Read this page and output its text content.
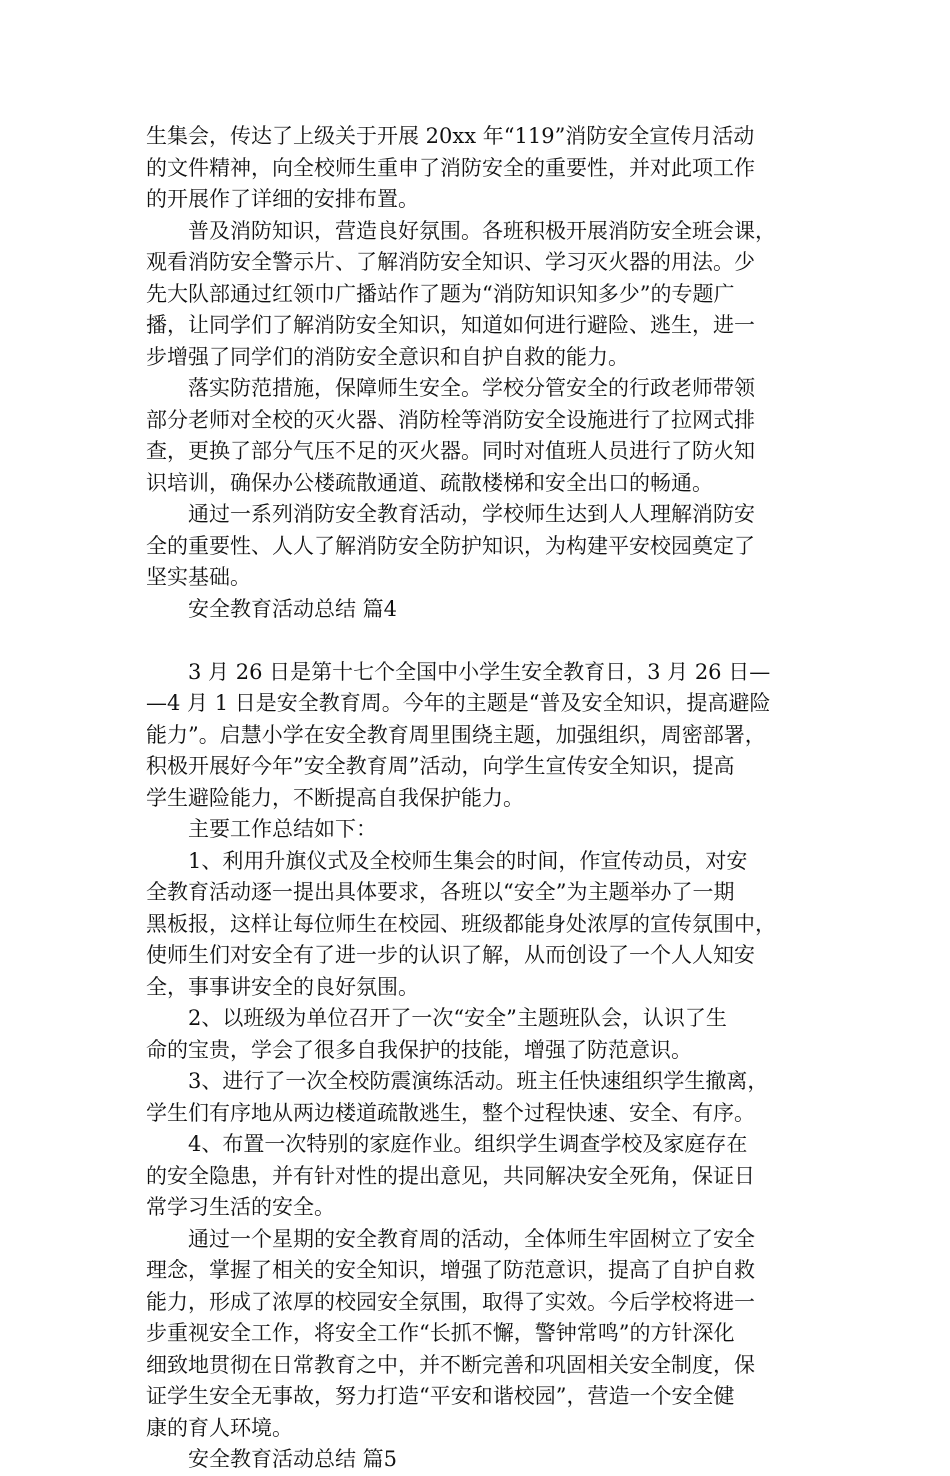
生集会，传达了上级关于开展 20xx 年“119”消防安全宣传月活动
的文件精神，向全校师生重申了消防安全的重要性，并对此项工作
的开展作了详细的安排布置。
　　普及消防知识，营造良好氛围。各班积极开展消防安全班会课，
观看消防安全警示片、了解消防安全知识、学习灭火器的用法。少
先大队部通过红领巾广播站作了题为“消防知识知多少”的专题广
播，让同学们了解消防安全知识，知道如何进行避险、逃生，进一
步增强了同学们的消防安全意识和自护自救的能力。
　　落实防范措施，保障师生安全。学校分管安全的行政老师带领
部分老师对全校的灭火器、消防栓等消防安全设施进行了拉网式排
查，更换了部分气压不足的灭火器。同时对值班人员进行了防火知
识培训，确保办公楼疏散通道、疏散楼梯和安全出口的畅通。
　　通过一系列消防安全教育活动，学校师生达到人人理解消防安
全的重要性、人人了解消防安全防护知识，为构建平安校园奠定了
坚实基础。
　　安全教育活动总结 篇4
　　3 月 26 日是第十七个全国中小学生安全教育日，3 月 26 日—
—4 月 1 日是安全教育周。今年的主题是“普及安全知识，提高避险
能力”。启慧小学在安全教育周里围绕主题，加强组织，周密部署，
积极开展好今年”安全教育周”活动，向学生宣传安全知识，提高
学生避险能力，不断提高自我保护能力。
　　主要工作总结如下：
　　1、利用升旗仪式及全校师生集会的时间，作宣传动员，对安
全教育活动逐一提出具体要求，各班以“安全”为主题举办了一期
黑板报，这样让每位师生在校园、班级都能身处浓厚的宣传氛围中，
使师生们对安全有了进一步的认识了解，从而创设了一个人人知安
全，事事讲安全的良好氛围。
　　2、以班级为单位召开了一次“安全”主题班队会，认识了生
命的宝贵，学会了很多自我保护的技能，增强了防范意识。
　　3、进行了一次全校防震演练活动。班主任快速组织学生撤离，
学生们有序地从两边楼道疏散逃生，整个过程快速、安全、有序。
　　4、布置一次特别的家庭作业。组织学生调查学校及家庭存在
的安全隐患，并有针对性的提出意见，共同解决安全死角，保证日
常学习生活的安全。
　　通过一个星期的安全教育周的活动，全体师生牢固树立了安全
理念，掌握了相关的安全知识，增强了防范意识，提高了自护自救
能力，形成了浓厚的校园安全氛围，取得了实效。今后学校将进一
步重视安全工作，将安全工作“长抓不懈，警钟常鸣”的方针深化
细致地贯彻在日常教育之中，并不断完善和巩固相关安全制度，保
证学生安全无事故，努力打造“平安和谐校园”，营造一个安全健
康的育人环境。
　　安全教育活动总结 篇5
